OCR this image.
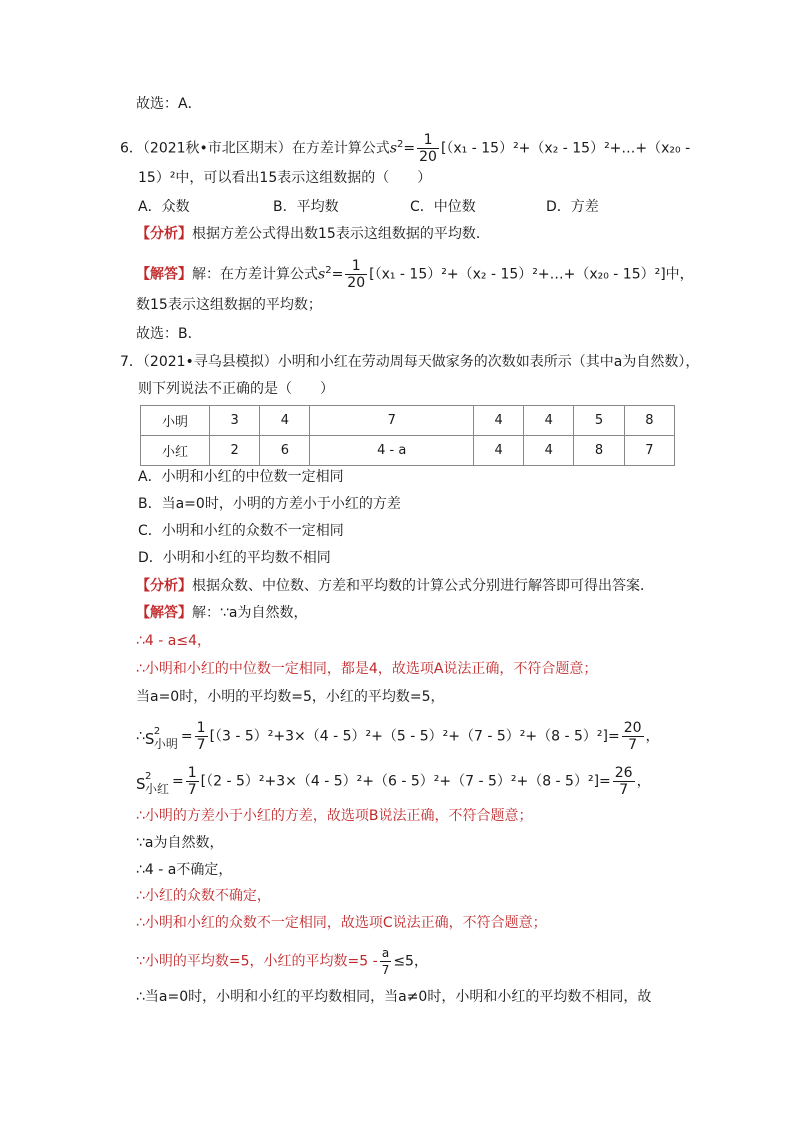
故选：A．
6．（2021秋•市北区期末）在方差计算公式$s^2= \frac{1}{20} [(x_1 - 15)^2+(x_2$ - 15）²+…+（x₂₀ -
15）²中，可以看出15表示这组数据的（　　）
A．众数	B．平均数	C．中位数	D．方差
【分析】根据方差公式得出数15表示这组数据的平均数．
【解答】解：在方差计算公式$s^2= \frac{1}{20} [(x_1 - 15)^2+(x_2$ - 15）²+…+（x₂₀ - 15）²]中，
数15表示这组数据的平均数；
故选：B．
7．（2021•寻乌县模拟）小明和小红在劳动周每天做家务的次数如表所示（其中a为自然数），
则下列说法不正确的是（　　）
小明	3	4	7	4	4	5	8
小红	2	6	4 - a	4	4	8	7
A．小明和小红的中位数一定相同
B．当a=0时，小明的方差小于小红的方差
C．小明和小红的众数不一定相同
D．小明和小红的平均数不相同
【分析】根据众数、中位数、方差和平均数的计算公式分别进行解答即可得出答案．
【解答】解：∵a为自然数，
∴4 - a≤4，
∴小明和小红的中位数一定相同，都是4，故选项A说法正确，不符合题意；
当a=0时，小明的平均数=5，小红的平均数=5，
∴ S 2
小明 = $\frac{1}{7} [(3 - 5)^2+3\times(4 - 5)^2+(5 - 5)^2+(7 - 5)^2+(8 - 5)^2]= \frac{20}{7}$ ，
S 2
小红 = $\frac{1}{7} [(2 - 5)^2+3\times(4 - 5)^2+(6 - 5)^2+(7 - 5)^2+(8 - 5)^2]= \frac{26}{7}$ ，
∴小明的方差小于小红的方差，故选项B说法正确，不符合题意；
∵a为自然数，
∴4 - a不确定，
∴小红的众数不确定，
∴小明和小红的众数不一定相同，故选项C说法正确，不符合题意；
∵小明的平均数=5，小红的平均数$=5 - \frac{a}{7} \le 5$，
∴当a=0时，小明和小红的平均数相同，当a≠0时，小明和小红的平均数不相同，故
